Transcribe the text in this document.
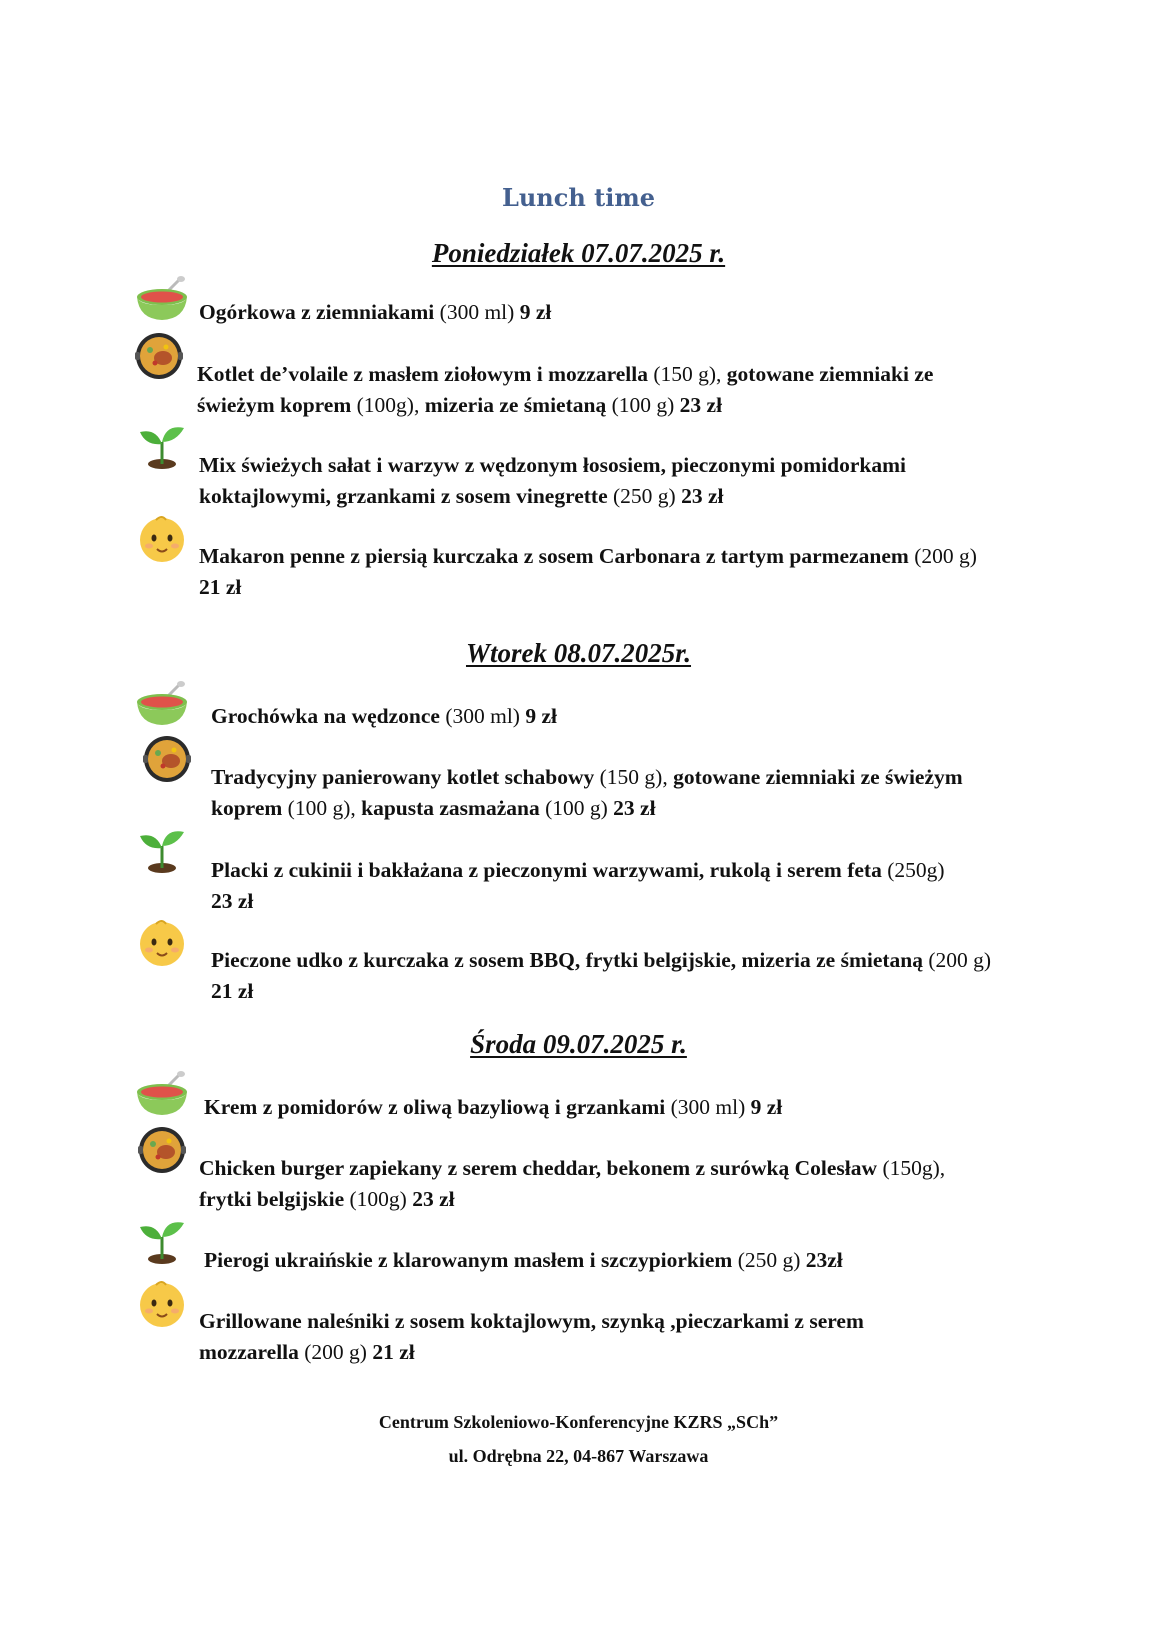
Lunch time
Poniedziałek 07.07.2025 r.
Ogórkowa z ziemniakami (300 ml) 9 zł
Kotlet de’volaile z masłem ziołowym i mozzarella (150 g), gotowane ziemniaki ze świeżym koprem (100g), mizeria ze śmietaną (100 g) 23 zł
Mix świeżych sałat i warzyw z wędzonym łososiem, pieczonymi pomidorkami koktajlowymi, grzankami z sosem vinegrette (250 g) 23 zł
Makaron penne z piersią kurczaka z sosem Carbonara z tartym parmezanem (200 g) 21 zł
Wtorek 08.07.2025r.
Grochówka na wędzonce (300 ml) 9 zł
Tradycyjny panierowany kotlet schabowy (150 g), gotowane ziemniaki ze świeżym koprem (100 g), kapusta zasmażana (100 g) 23 zł
Placki z cukinii i bakłażana z pieczonymi warzywami, rukolą i serem feta (250g) 23 zł
Pieczone udko z kurczaka z sosem BBQ, frytki belgijskie, mizeria ze śmietaną (200 g) 21 zł
Środa 09.07.2025 r.
Krem z pomidorów z oliwą bazyliową i grzankami (300 ml) 9 zł
Chicken burger zapiekany z serem cheddar, bekonem z surówką Colesław (150g), frytki belgijskie (100g) 23 zł
Pierogi ukraińskie z klarowanym masłem i szczypiorkiem (250 g) 23zł
Grillowane naleśniki z sosem koktajlowym, szynką ,pieczarkami z serem mozzarella (200 g) 21 zł
Centrum Szkoleniowo-Konferencyjne KZRS „SCh”
ul. Odrębna 22, 04-867 Warszawa
